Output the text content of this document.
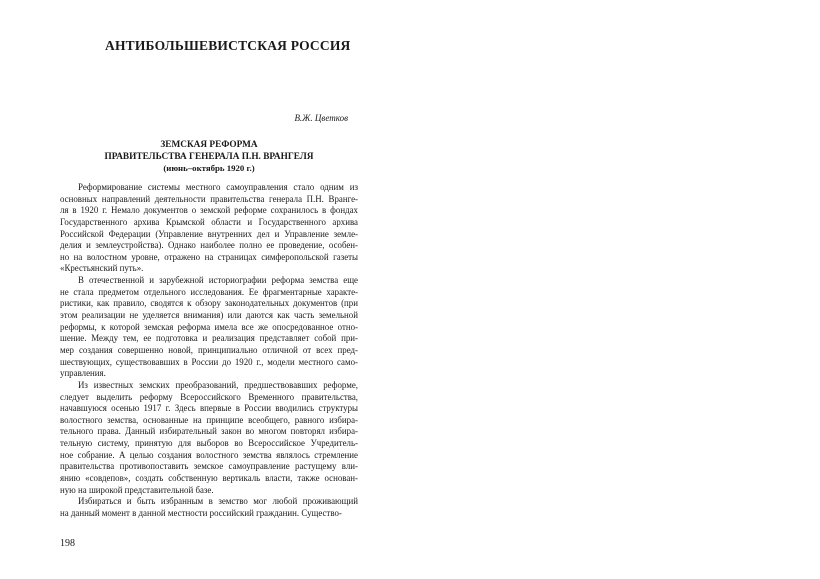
АНТИБОЛЬШЕВИСТСКАЯ РОССИЯ
В.Ж. Цветков
ЗЕМСКАЯ РЕФОРМА
ПРАВИТЕЛЬСТВА ГЕНЕРАЛА П.Н. ВРАНГЕЛЯ
(июнь–октябрь 1920 г.)
Реформирование системы местного самоуправления стало одним из
основных направлений деятельности правительства генерала П.Н. Вранге-
ля в 1920 г. Немало документов о земской реформе сохранилось в фондах
Государственного архива Крымской области и Государственного архива
Российской Федерации (Управление внутренних дел и Управление земле-
делия и землеустройства). Однако наиболее полно ее проведение, особен-
но на волостном уровне, отражено на страницах симферопольской газеты
«Крестьянский путь».
В отечественной и зарубежной историографии реформа земства еще
не стала предметом отдельного исследования. Ее фрагментарные характе-
ристики, как правило, сводятся к обзору законодательных документов (при
этом реализации не уделяется внимания) или даются как часть земельной
реформы, к которой земская реформа имела все же опосредованное отно-
шение. Между тем, ее подготовка и реализация представляет собой при-
мер создания совершенно новой, принципиально отличной от всех пред-
шествующих, существовавших в России до 1920 г., модели местного само-
управления.
Из известных земских преобразований, предшествовавших реформе,
следует выделить реформу Всероссийского Временного правительства,
начавшуюся осенью 1917 г. Здесь впервые в России вводились структуры
волостного земства, основанные на принципе всеобщего, равного избира-
тельного права. Данный избирательный закон во многом повторял избира-
тельную систему, принятую для выборов во Всероссийское Учредитель-
ное собрание. А целью создания волостного земства являлось стремление
правительства противопоставить земское самоуправление растущему вли-
янию «совдепов», создать собственную вертикаль власти, также основан-
ную на широкой представительной базе.
Избираться и быть избранным в земство мог любой проживающий
на данный момент в данной местности российский гражданин. Существо-
198
